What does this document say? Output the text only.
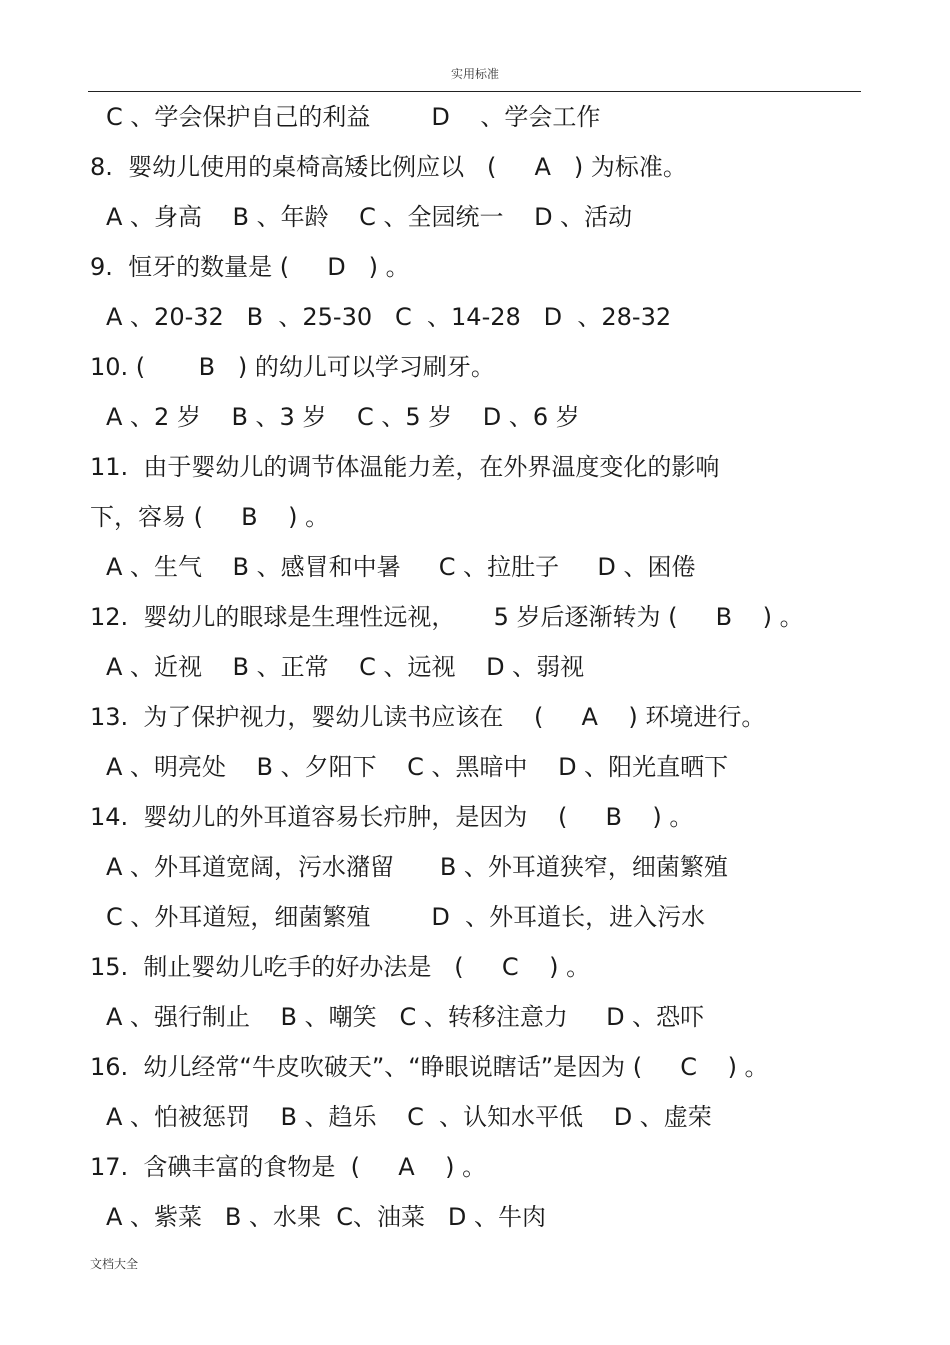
实用标准
C 、学会保护自己的利益        D    、学会工作
8.  婴幼儿使用的桌椅高矮比例应以   (     A   ) 为标准。
A 、身高    B 、年龄    C 、全园统一    D 、活动
9.  恒牙的数量是 (     D   ) 。
A 、20-32   B  、25-30   C  、14-28   D  、28-32
10. (       B   ) 的幼儿可以学习刷牙。
A 、2 岁    B 、3 岁    C 、5 岁    D 、6 岁
11.  由于婴幼儿的调节体温能力差，在外界温度变化的影响
下，容易 (     B    ) 。
A 、生气    B 、感冒和中暑     C 、拉肚子     D 、困倦
12.  婴幼儿的眼球是生理性远视，     5 岁后逐渐转为 (     B    ) 。
A 、近视    B 、正常    C 、远视    D 、弱视
13.  为了保护视力，婴幼儿读书应该在    (     A    ) 环境进行。
A 、明亮处    B 、夕阳下    C 、黑暗中    D 、阳光直晒下
14.  婴幼儿的外耳道容易长疖肿，是因为    (     B    ) 。
A 、外耳道宽阔，污水潴留      B 、外耳道狭窄，细菌繁殖
C 、外耳道短，细菌繁殖        D  、外耳道长，进入污水
15.  制止婴幼儿吃手的好办法是   (     C    ) 。
A 、强行制止    B 、嘲笑   C 、转移注意力     D 、恐吓
16.  幼儿经常“牛皮吹破天”、“睁眼说瞎话”是因为 (     C    ) 。
A 、怕被惩罚    B 、趋乐    C  、认知水平低    D 、虚荣
17.  含碘丰富的食物是  (     A    ) 。
A 、紫菜   B 、水果  C、油菜   D 、牛肉
文档大全
